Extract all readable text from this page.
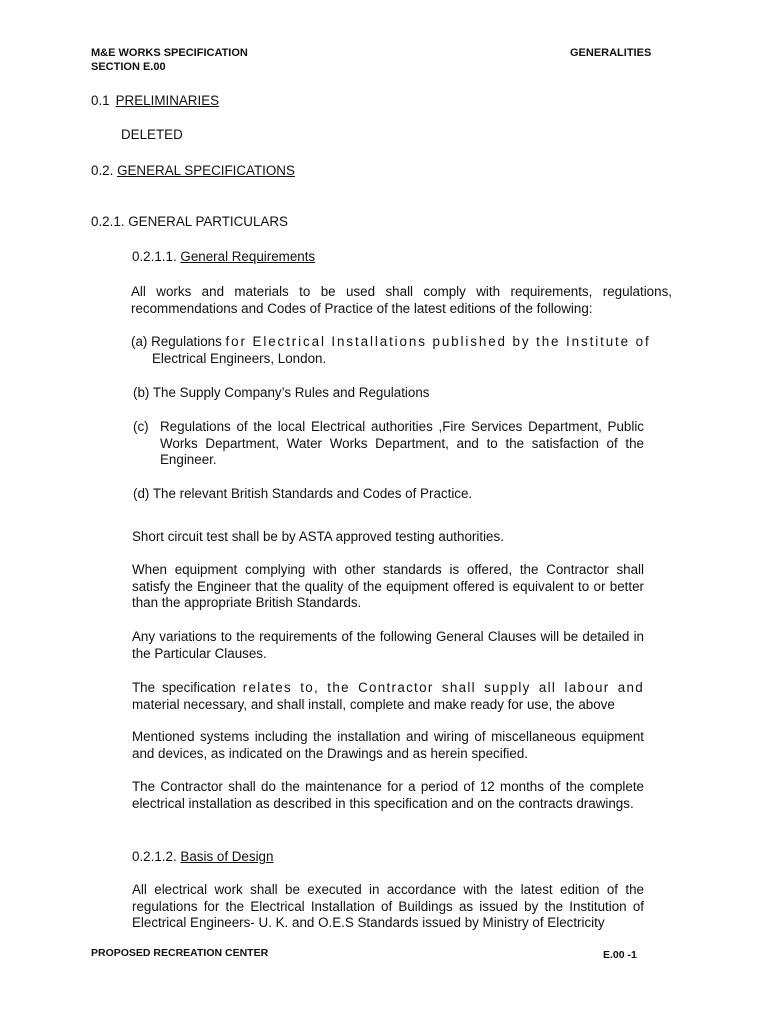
M&E WORKS SPECIFICATION
SECTION E.00
GENERALITIES
0.1 PRELIMINARIES
DELETED
0.2. GENERAL SPECIFICATIONS
0.2.1. GENERAL PARTICULARS
0.2.1.1. General Requirements
All works and materials to be used shall comply with requirements, regulations, recommendations and Codes of Practice of the latest editions of the following:
(a) Regulations for Electrical Installations published by the Institute of
Electrical Engineers, London.
(b) The Supply Company’s Rules and Regulations
(c) Regulations of the local Electrical authorities ,Fire Services Department, Public Works Department, Water Works Department, and to the satisfaction of the Engineer.
(d) The relevant British Standards and Codes of Practice.
Short circuit test shall be by ASTA approved testing authorities.
When equipment complying with other standards is offered, the Contractor shall satisfy the Engineer that the quality of the equipment offered is equivalent to or better than the appropriate British Standards.
Any variations to the requirements of the following General Clauses will be detailed in the Particular Clauses.
The specification relates to, the Contractor shall supply all labour and material necessary, and shall install, complete and make ready for use, the above
Mentioned systems including the installation and wiring of miscellaneous equipment and devices, as indicated on the Drawings and as herein specified.
The Contractor shall do the maintenance for a period of 12 months of the complete electrical installation as described in this specification and on the contracts drawings.
0.2.1.2. Basis of Design
All electrical work shall be executed in accordance with the latest edition of the regulations for the Electrical Installation of Buildings as issued by the Institution of Electrical Engineers- U. K. and O.E.S Standards issued by Ministry of Electricity
PROPOSED RECREATION CENTER	E.00 -1
